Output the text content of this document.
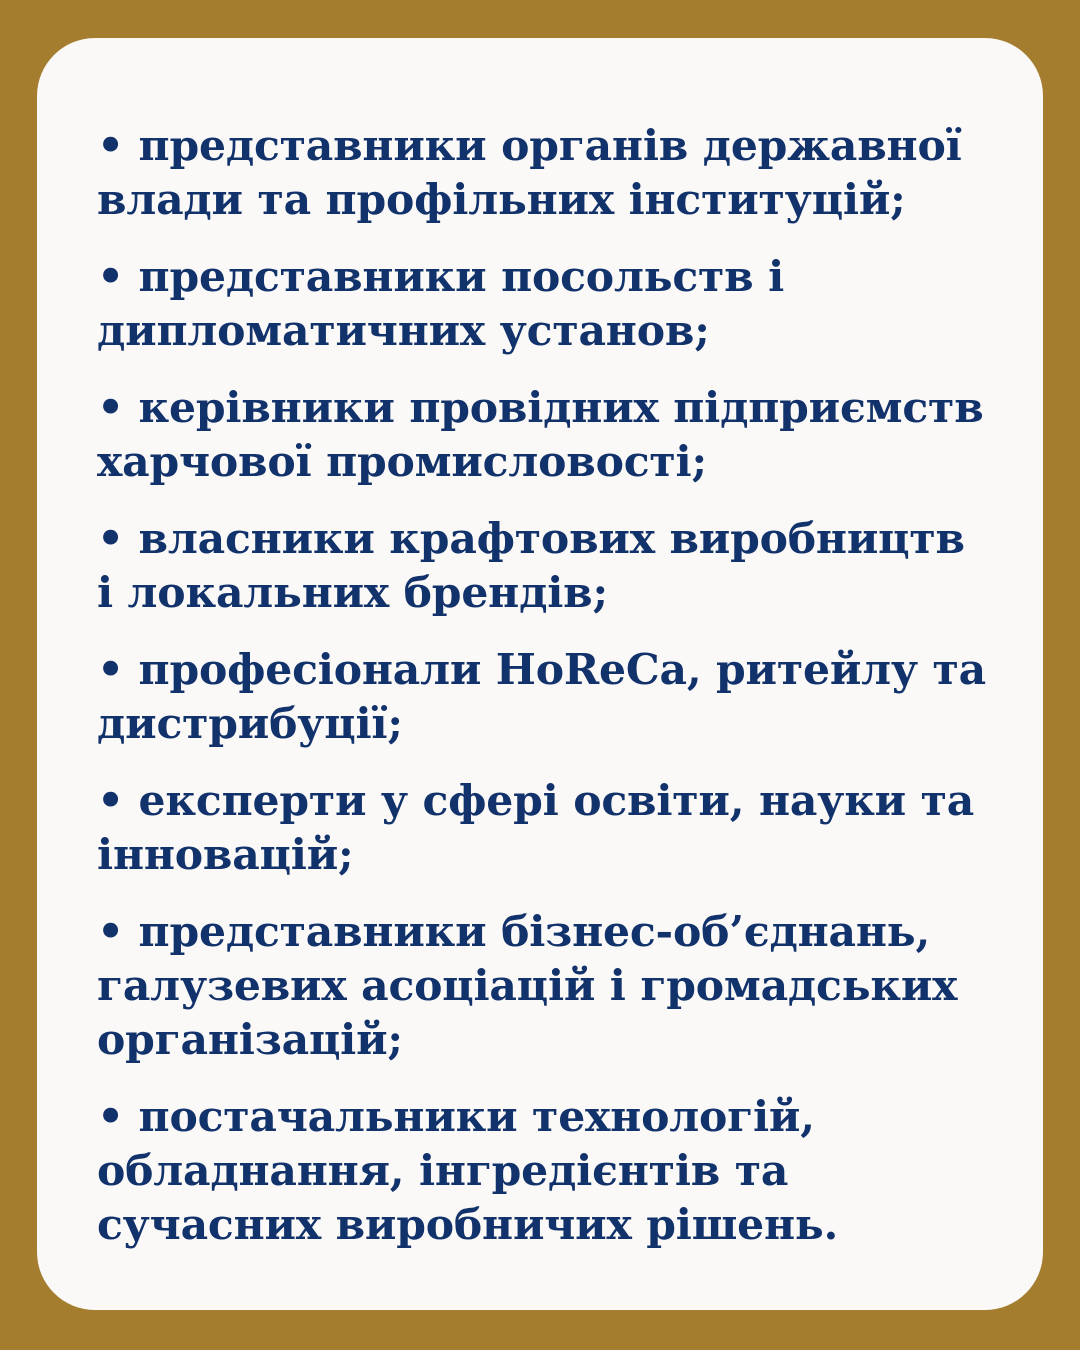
• представники органів державної
влади та профільних інституцій;
• представники посольств і
дипломатичних установ;
• керівники провідних підприємств
харчової промисловості;
• власники крафтових виробництв
і локальних брендів;
• професіонали HoReCa, ритейлу та
дистрибуції;
• експерти у сфері освіти, науки та
інновацій;
• представники бізнес-об’єднань,
галузевих асоціацій і громадських
організацій;
• постачальники технологій,
обладнання, інгредієнтів та
сучасних виробничих рішень.
